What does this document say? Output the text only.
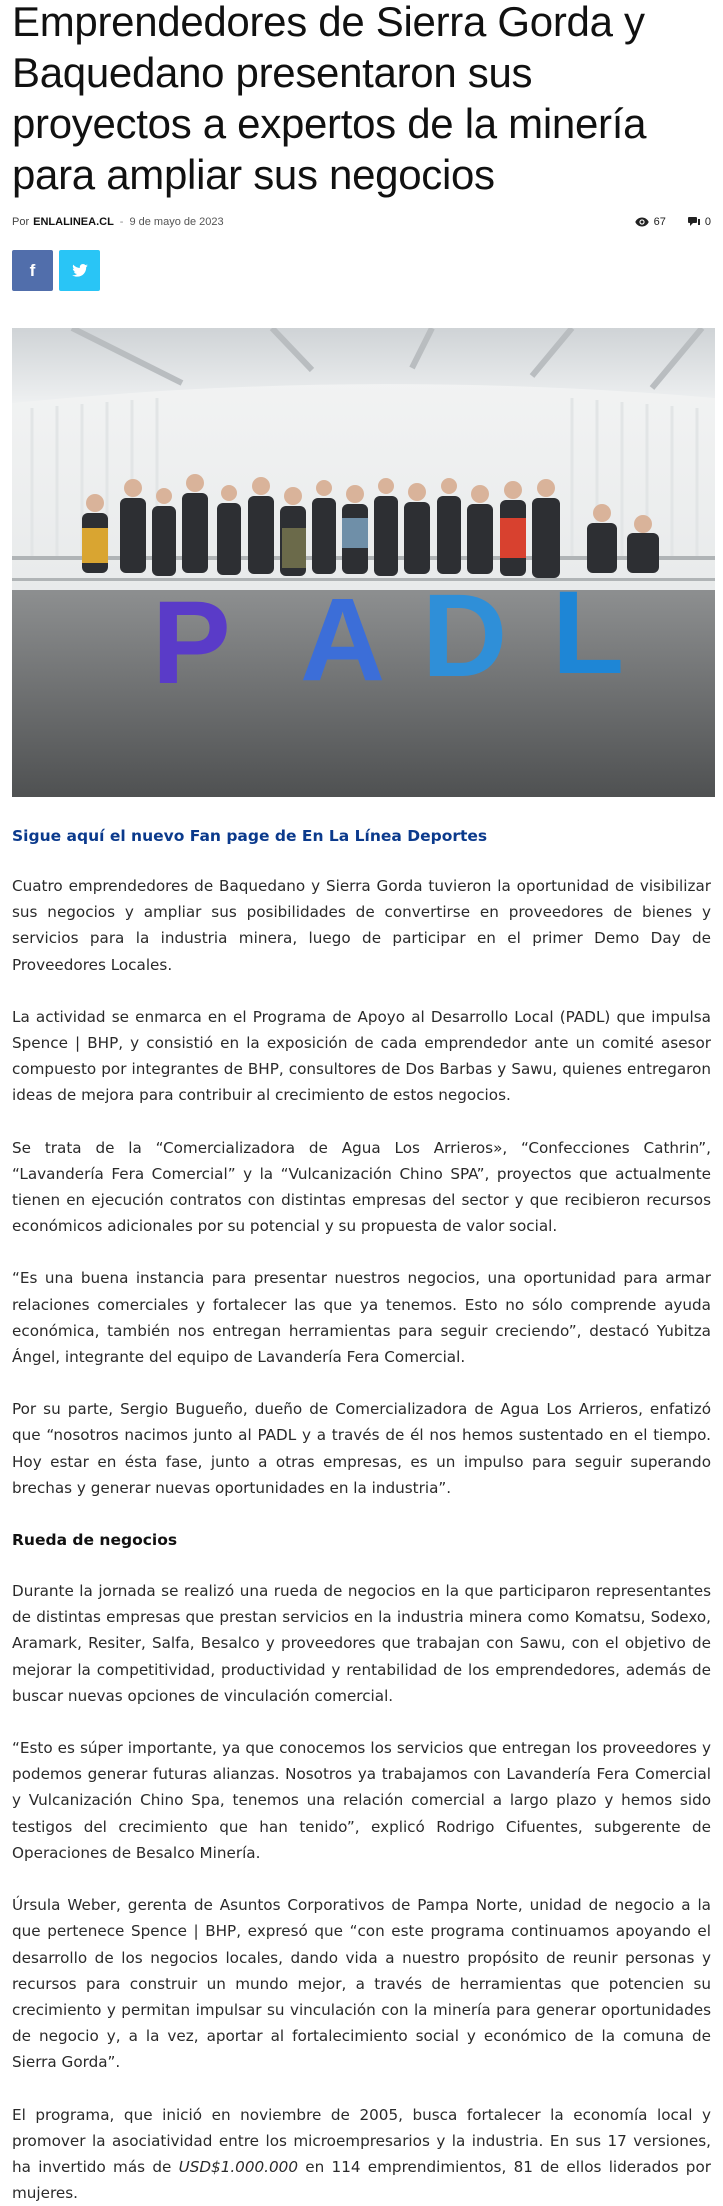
Emprendedores de Sierra Gorda y Baquedano presentaron sus proyectos a expertos de la minería para ampliar sus negocios
Por ENLALINEA.CL - 9 de mayo de 2023	67	0
f
P A D L
Sigue aquí el nuevo Fan page de En La Línea Deportes

Cuatro emprendedores de Baquedano y Sierra Gorda tuvieron la oportunidad de visibilizar sus negocios y ampliar sus posibilidades de convertirse en proveedores de bienes y servicios para la industria minera, luego de participar en el primer Demo Day de Proveedores Locales.

La actividad se enmarca en el Programa de Apoyo al Desarrollo Local (PADL) que impulsa Spence | BHP, y consistió en la exposición de cada emprendedor ante un comité asesor compuesto por integrantes de BHP, consultores de Dos Barbas y Sawu, quienes entregaron ideas de mejora para contribuir al crecimiento de estos negocios.

Se trata de la “Comercializadora de Agua Los Arrieros», “Confecciones Cathrin”, “Lavandería Fera Comercial” y la “Vulcanización Chino SPA”, proyectos que actualmente tienen en ejecución contratos con distintas empresas del sector y que recibieron recursos económicos adicionales por su potencial y su propuesta de valor social.

“Es una buena instancia para presentar nuestros negocios, una oportunidad para armar relaciones comerciales y fortalecer las que ya tenemos. Esto no sólo comprende ayuda económica, también nos entregan herramientas para seguir creciendo”, destacó Yubitza Ángel, integrante del equipo de Lavandería Fera Comercial.

Por su parte, Sergio Bugueño, dueño de Comercializadora de Agua Los Arrieros, enfatizó que “nosotros nacimos junto al PADL y a través de él nos hemos sustentado en el tiempo. Hoy estar en ésta fase, junto a otras empresas, es un impulso para seguir superando brechas y generar nuevas oportunidades en la industria”.

Rueda de negocios

Durante la jornada se realizó una rueda de negocios en la que participaron representantes de distintas empresas que prestan servicios en la industria minera como Komatsu, Sodexo, Aramark, Resiter, Salfa, Besalco y proveedores que trabajan con Sawu, con el objetivo de mejorar la competitividad, productividad y rentabilidad de los emprendedores, además de buscar nuevas opciones de vinculación comercial.

“Esto es súper importante, ya que conocemos los servicios que entregan los proveedores y podemos generar futuras alianzas. Nosotros ya trabajamos con Lavandería Fera Comercial y Vulcanización Chino Spa, tenemos una relación comercial a largo plazo y hemos sido testigos del crecimiento que han tenido”, explicó Rodrigo Cifuentes, subgerente de Operaciones de Besalco Minería.

Úrsula Weber, gerenta de Asuntos Corporativos de Pampa Norte, unidad de negocio a la que pertenece Spence | BHP, expresó que “con este programa continuamos apoyando el desarrollo de los negocios locales, dando vida a nuestro propósito de reunir personas y recursos para construir un mundo mejor, a través de herramientas que potencien su crecimiento y permitan impulsar su vinculación con la minería para generar oportunidades de negocio y, a la vez, aportar al fortalecimiento social y económico de la comuna de Sierra Gorda”.

El programa, que inició en noviembre de 2005, busca fortalecer la economía local y promover la asociatividad entre los microempresarios y la industria. En sus 17 versiones, ha invertido más de USD$1.000.000 en 114 emprendimientos, 81 de ellos liderados por mujeres.
